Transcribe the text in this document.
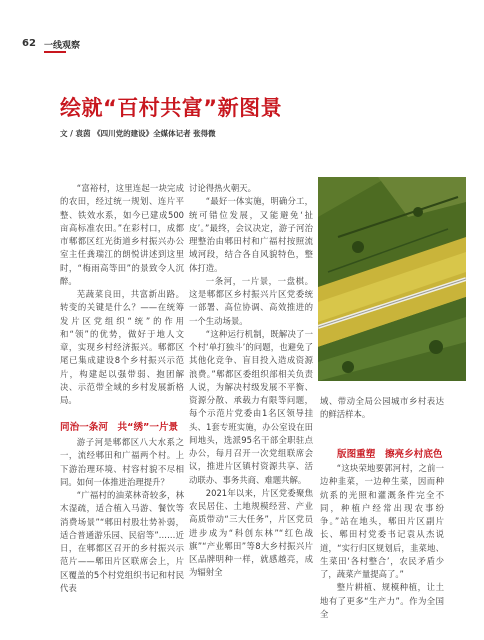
62 一线观察
绘就“百村共富”新图景
文 / 袁茵 《四川党的建设》全媒体记者 张得微

“富裕村，这里连起一块完成的农田，经过统一规划、连片平整、铁效水系，如今已建成500亩高标准农田。”在彩村口，成都市郫都区红光街道乡村振兴办公室主任龚瑞江的朗悦讲述到这里时，“梅雨高等田”的景致令人沉醉。

芜蔬菜良田，共富新出路。转变的关键是什么？——在统筹发片区党组织“统”的作用和“领”的优势，做好于地人文章，实现乡村经济振兴。郫都区尾已集成建设8个乡村振兴示范片，构建起以强带弱、抱团解决、示范带全域的乡村发展新格局。

同治一条河　共“绣”一片景

游子河是郫都区八大水系之一，流经郫田和广福两个村。上下游治理环境、村容村貌不尽相同。如何一体推进治理提升？

“广福村的油菜林奇较多，林木湿疏，适合植入马游、餐饮等消费场景”“郫田村股壮势补弱，适合普通游乐园、民宿等”……近日，在郫都区召开的乡村振兴示范片——郫田片区联席会上，片区覆盖的5个村党组织书记和村民代表

讨论得热火朝天。

“最好一体实施，明确分工，统可错位发展，又能避免‘扯皮’。”最终，会议决定，游子河治理整治由郫田村和广福村按照流域河段，结合各自风貌特色，整体打造。

一条河，一片景，一盘棋。这是郫都区乡村振兴片区党委统一部署、高位协调、高效推进的一个生动场景。

“这种运行机制，既解决了一个村‘单打独斗’的问题，也避免了其他化竞争、盲目投入造成资源浪费。”郫都区委组织部相关负责人说，为解决村级发展不平衡、资源分散、承载力有限等问题，每个示范片党委由1名区领导挂头、1套专班实施，办公室设在田间地头，选派95名干部全职驻点办公，每月召开一次党组联席会议，推进片区镇村资源共享、活动联办、事务共商、难题共解。

2021年以来，片区党委聚焦农民居住、土地规模经营、产业高质带动“三大任务”，片区党员进步成为“科创东林”“红色战旗”“产业郫田”等8大乡村振兴片区品牌明种一样，就感越亮，成为辐射全

域、带动全局公园城市乡村表达的鲜活样本。

版图重塑　擦亮乡村底色

“这块荣地要郭河村，之前一边种韭菜，一边种生菜，因而种炕系的光照和灌溉条件完全不同，种植户经常出现农事纷争。”站在地头，郫田片区副片长、郫田村党委书记袁从杰说道，“实行归区规划后，韭菜地、生菜田‘各村整合’，农民矛盾少了，蔬菜产量提高了。”

整片耕植、规模种植，让土地有了更多“生产力”。作为全国全
